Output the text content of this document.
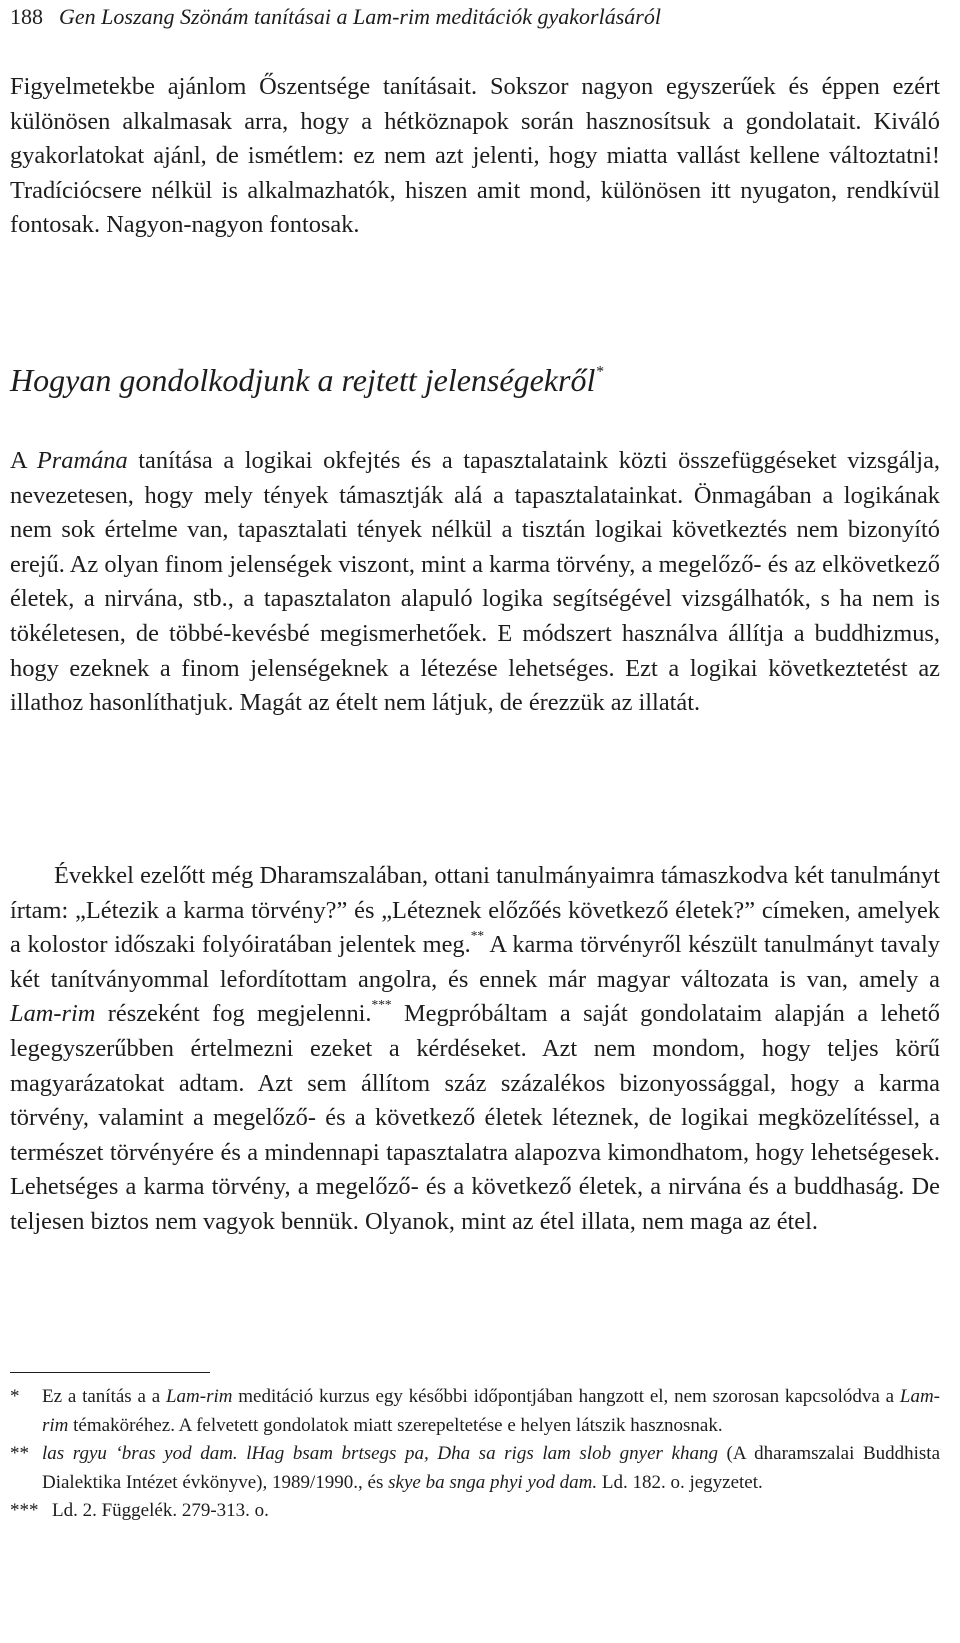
188 Gen Loszang Szönám tanításai a Lam-rim meditációk gyakorlásáról

Figyelmetekbe ajánlom Őszentsége tanításait. Sokszor nagyon egyszerűek és éppen ezért különösen alkalmasak arra, hogy a hétköznapok során hasznosítsuk a gondolatait. Kiváló gyakorlatokat ajánl, de ismétlem: ez nem azt jelenti, hogy miatta vallást kellene változtatni! Tradíciócsere nélkül is alkalmazhatók, hiszen amit mond, különösen itt nyugaton, rendkívül fontosak. Nagyon-nagyon fontosak.

Hogyan gondolkodjunk a rejtett jelenségekről*

A Pramána tanítása a logikai okfejtés és a tapasztalataink közti összefüggéseket vizsgálja, nevezetesen, hogy mely tények támasztják alá a tapasztalatainkat. Önmagában a logikának nem sok értelme van, tapasztalati tények nélkül a tisztán logikai következtés nem bizonyító erejű. Az olyan finom jelenségek viszont, mint a karma törvény, a megelőző- és az elkövetkező életek, a nirvána, stb., a tapasztalaton alapuló logika segítségével vizsgálhatók, s ha nem is tökéletesen, de többé-kevésbé megismerhetőek. E módszert használva állítja a buddhizmus, hogy ezeknek a finom jelenségeknek a létezése lehetséges. Ezt a logikai következtetést az illathoz hasonlíthatjuk. Magát az ételt nem látjuk, de érezzük az illatát.

Évekkel ezelőtt még Dharamszalában, ottani tanulmányaimra támaszkodva két tanulmányt írtam: „Létezik a karma törvény?” és „Léteznek előzőés következő életek?” címeken, amelyek a kolostor időszaki folyóiratában jelentek meg.** A karma törvényről készült tanulmányt tavaly két tanítványommal lefordítottam angolra, és ennek már magyar változata is van, amely a Lam-rim részeként fog megjelenni.*** Megpróbáltam a saját gondolataim alapján a lehető legegyszerűbben értelmezni ezeket a kérdéseket. Azt nem mondom, hogy teljes körű magyarázatokat adtam. Azt sem állítom száz százalékos bizonyossággal, hogy a karma törvény, valamint a megelőző- és a következő életek léteznek, de logikai megközelítéssel, a természet törvényére és a mindennapi tapasztalatra alapozva kimondhatom, hogy lehetségesek. Lehetséges a karma törvény, a megelőző- és a következő életek, a nirvána és a buddhaság. De teljesen biztos nem vagyok bennük. Olyanok, mint az étel illata, nem maga az étel.

*	Ez a tanítás a a Lam-rim meditáció kurzus egy későbbi időpontjában hangzott el, nem szorosan kapcsolódva a Lam-rim témaköréhez. A felvetett gondolatok miatt szerepeltetése e helyen látszik hasznosnak.

** las rgyu ‘bras yod dam. lHag bsam brtsegs pa, Dha sa rigs lam slob gnyer khang (A dharamszalai Buddhista Dialektika Intézet évkönyve), 1989/1990., és skye ba snga phyi yod dam. Ld. 182. o. jegyzetet.

*** Ld. 2. Függelék. 279-313. o.
